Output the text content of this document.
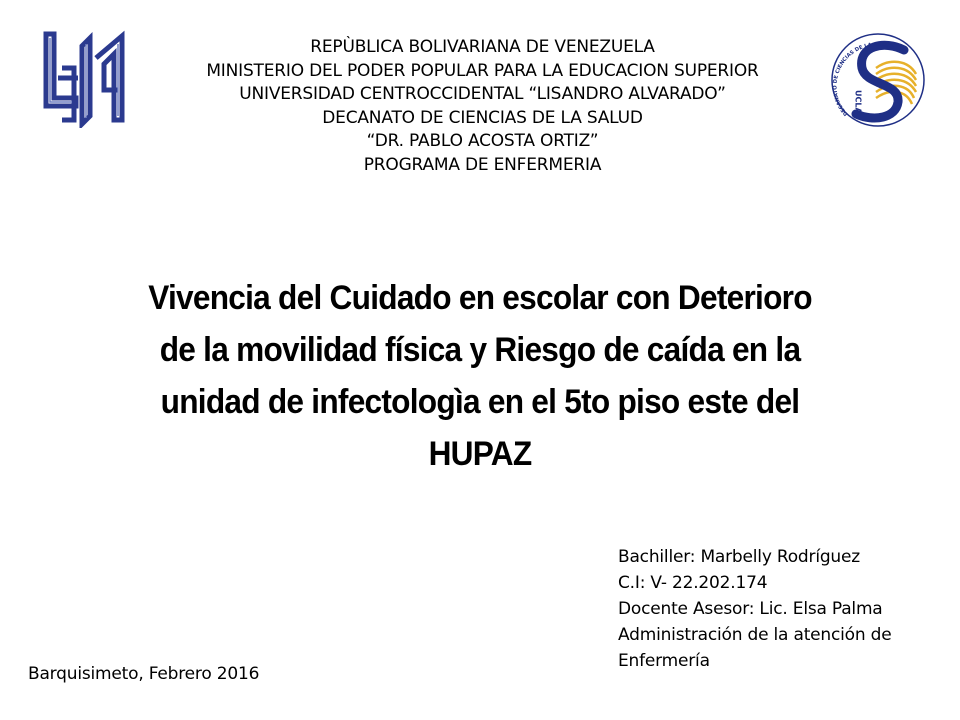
REPÙBLICA BOLIVARIANA DE VENEZUELA
MINISTERIO DEL PODER POPULAR PARA LA EDUCACION SUPERIOR
UNIVERSIDAD CENTROCCIDENTAL “LISANDRO ALVARADO”
DECANATO DE CIENCIAS DE LA SALUD
“DR. PABLO ACOSTA ORTIZ”
PROGRAMA DE ENFERMERIA
DECANATO DE CIENCIAS DE LA SALUD
UCLA
Vivencia del Cuidado en escolar con Deterioro de la movilidad física y Riesgo de caída en la unidad de infectologìa en el 5to piso este del HUPAZ
Bachiller: Marbelly Rodríguez
C.I: V- 22.202.174
Docente Asesor: Lic. Elsa Palma
Administración de la atención de
Enfermería
Barquisimeto, Febrero 2016
